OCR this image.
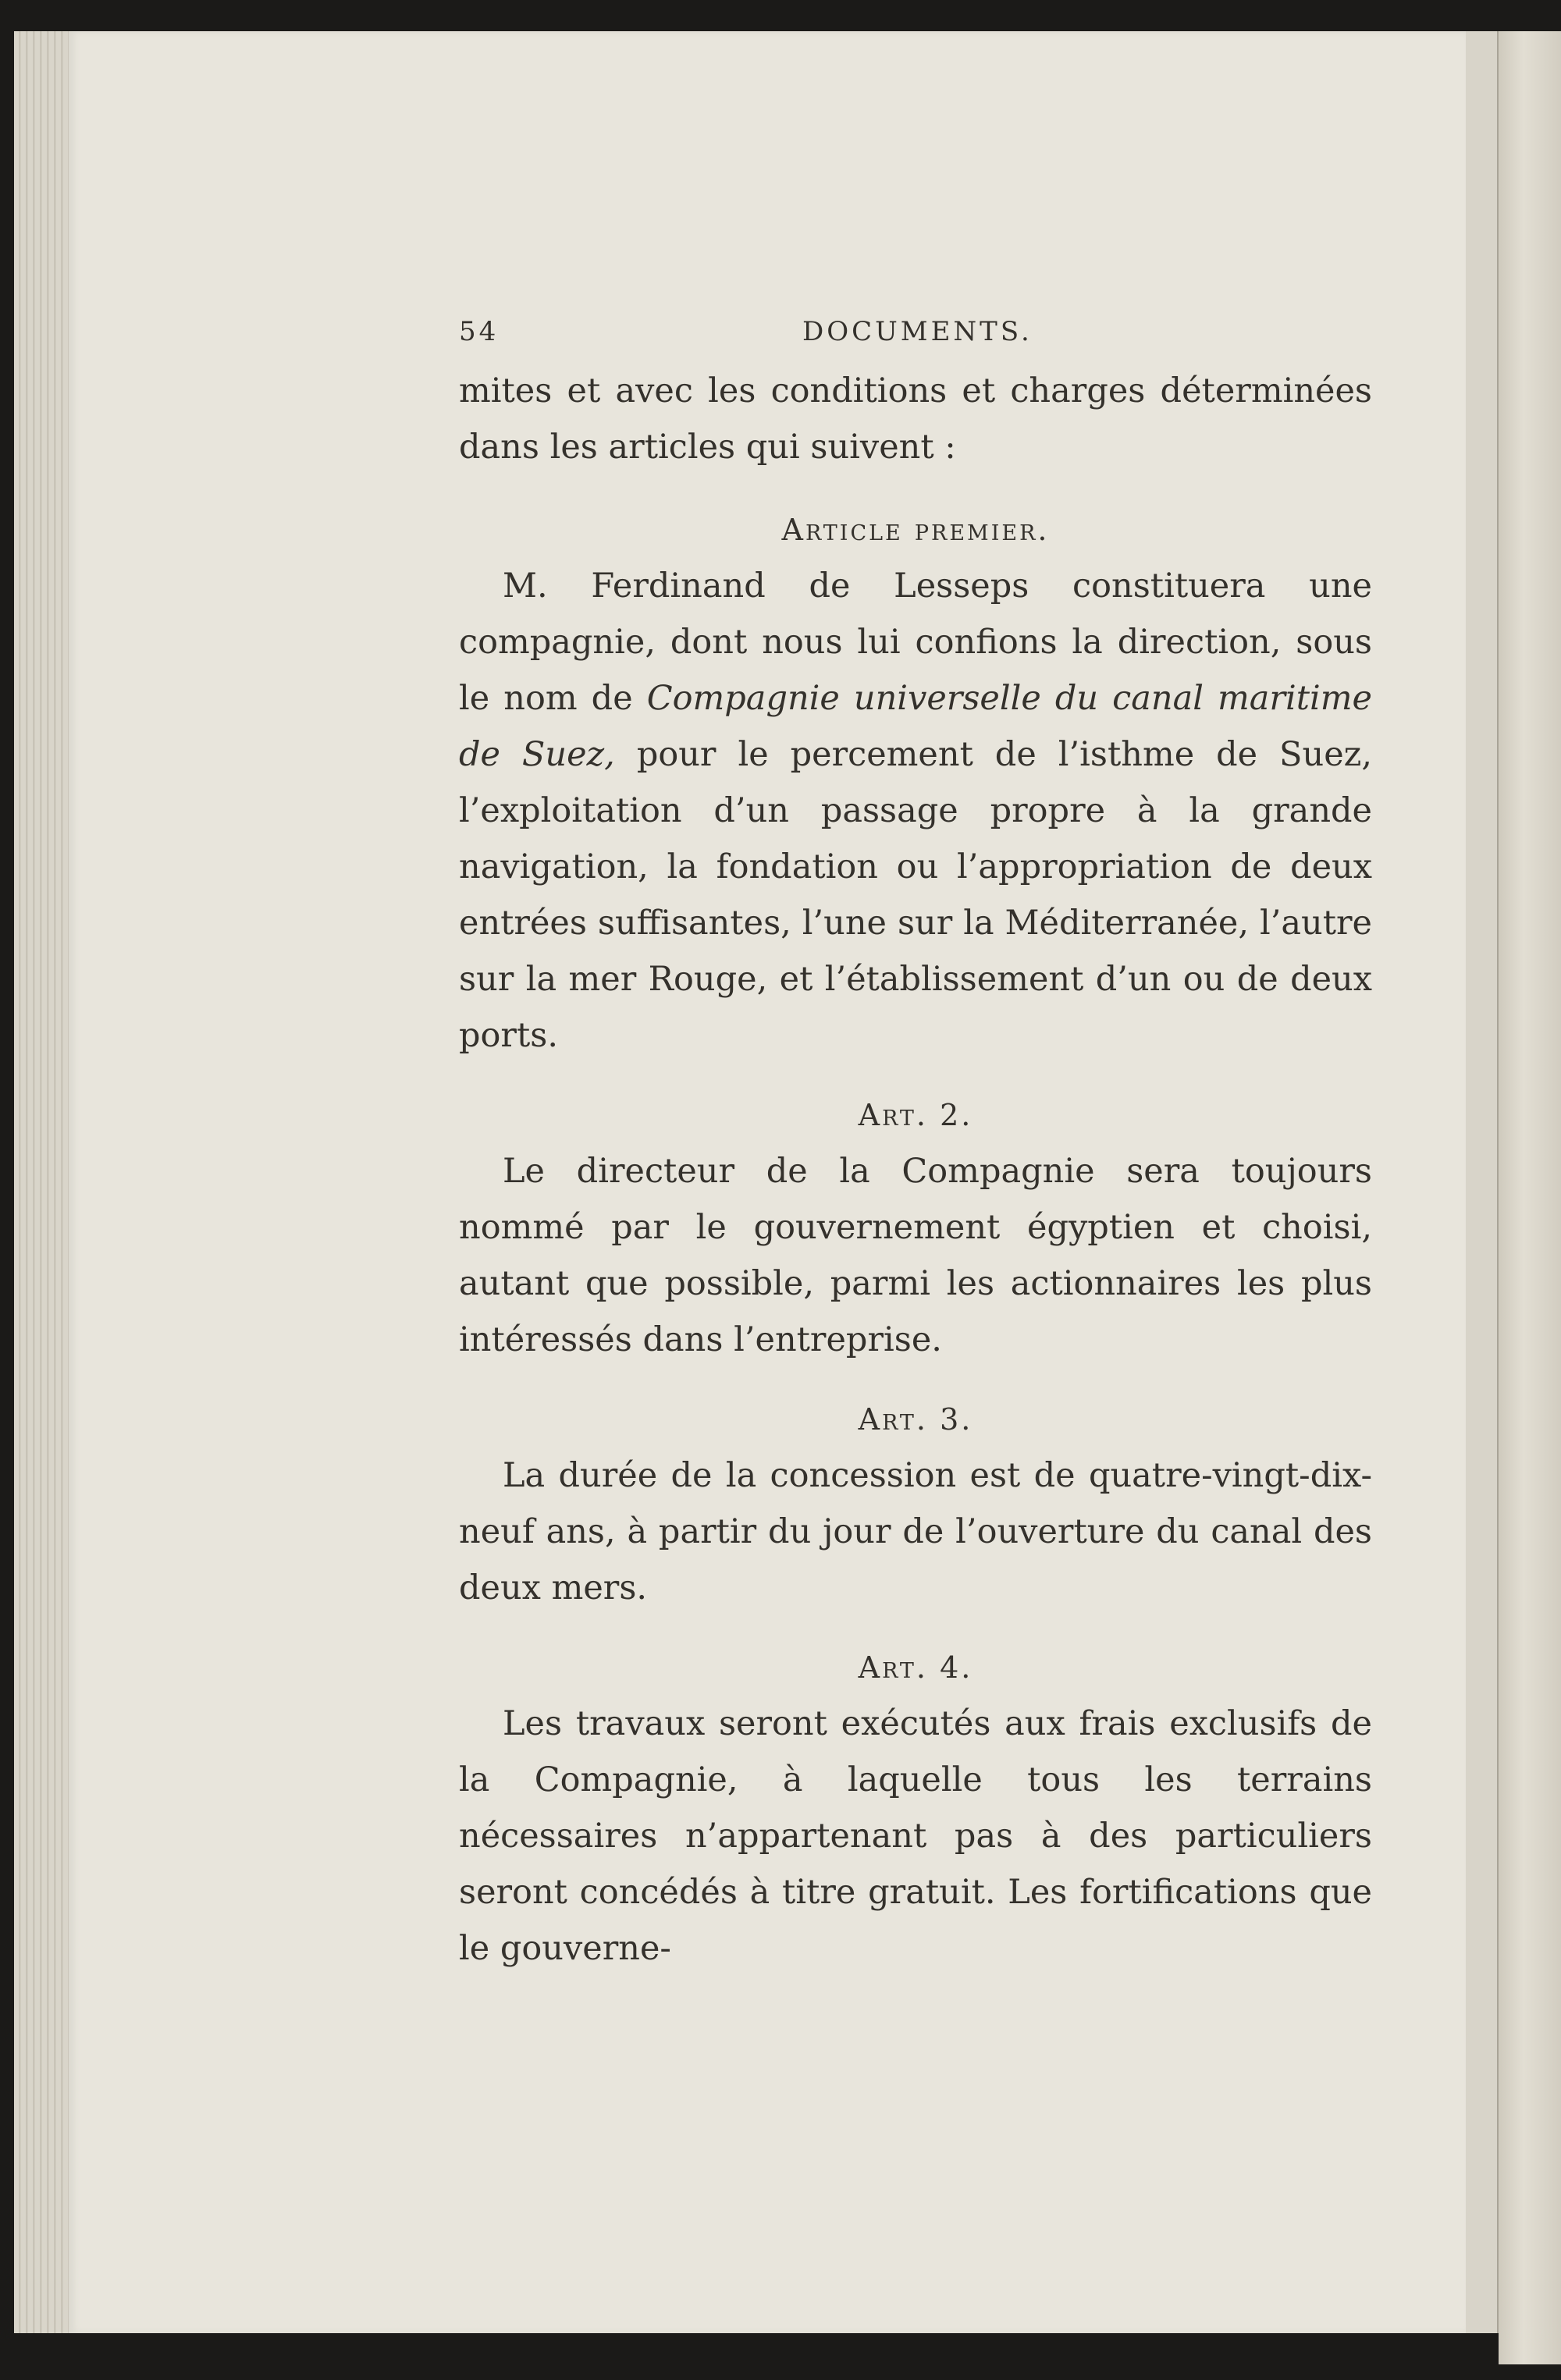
54	DOCUMENTS.

mites et avec les conditions et charges déterminées dans les articles qui suivent :

Article premier.

M. Ferdinand de Lesseps constituera une compagnie, dont nous lui confions la direction, sous le nom de Compagnie universelle du canal maritime de Suez, pour le percement de l’isthme de Suez, l’exploitation d’un passage propre à la grande navigation, la fondation ou l’appropriation de deux entrées suffisantes, l’une sur la Méditerranée, l’autre sur la mer Rouge, et l’établissement d’un ou de deux ports.

Art. 2.

Le directeur de la Compagnie sera toujours nommé par le gouvernement égyptien et choisi, autant que possible, parmi les actionnaires les plus intéressés dans l’entreprise.

Art. 3.

La durée de la concession est de quatre-vingt-dix-neuf ans, à partir du jour de l’ouverture du canal des deux mers.

Art. 4.

Les travaux seront exécutés aux frais exclusifs de la Compagnie, à laquelle tous les terrains nécessaires n’appartenant pas à des particuliers seront concédés à titre gratuit. Les fortifications que le gouverne-
